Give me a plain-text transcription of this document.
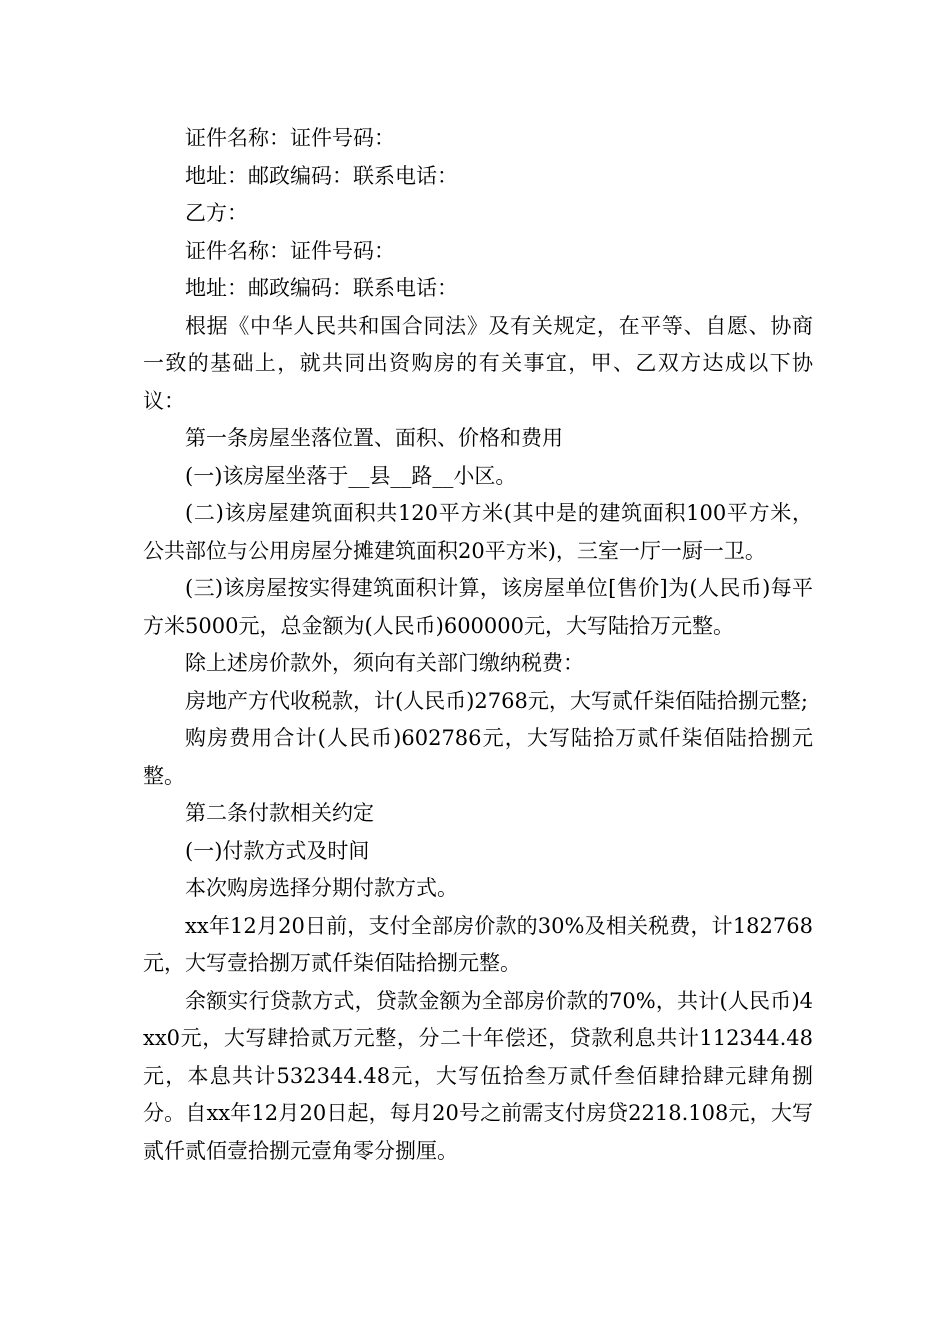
证件名称：证件号码：

地址：邮政编码：联系电话：

乙方：

证件名称：证件号码：

地址：邮政编码：联系电话：

根据《中华人民共和国合同法》及有关规定，在平等、自愿、协商一致的基础上，就共同出资购房的有关事宜，甲、乙双方达成以下协议：

第一条房屋坐落位置、面积、价格和费用

(一)该房屋坐落于__县__路__小区。

(二)该房屋建筑面积共120平方米(其中是的建筑面积100平方米，公共部位与公用房屋分摊建筑面积20平方米)，三室一厅一厨一卫。

(三)该房屋按实得建筑面积计算，该房屋单位[售价]为(人民币)每平方米5000元，总金额为(人民币)600000元，大写陆拾万元整。

除上述房价款外，须向有关部门缴纳税费：

房地产方代收税款，计(人民币)2768元，大写贰仟柒佰陆拾捌元整;

购房费用合计(人民币)602786元，大写陆拾万贰仟柒佰陆拾捌元整。

第二条付款相关约定

(一)付款方式及时间

本次购房选择分期付款方式。

xx年12月20日前，支付全部房价款的30%及相关税费，计182768元，大写壹拾捌万贰仟柒佰陆拾捌元整。

余额实行贷款方式，贷款金额为全部房价款的70%，共计(人民币)4xx0元，大写肆拾贰万元整，分二十年偿还，贷款利息共计112344.48元，本息共计532344.48元，大写伍拾叁万贰仟叁佰肆拾肆元肆角捌分。自xx年12月20日起，每月20号之前需支付房贷2218.108元，大写贰仟贰佰壹拾捌元壹角零分捌厘。
